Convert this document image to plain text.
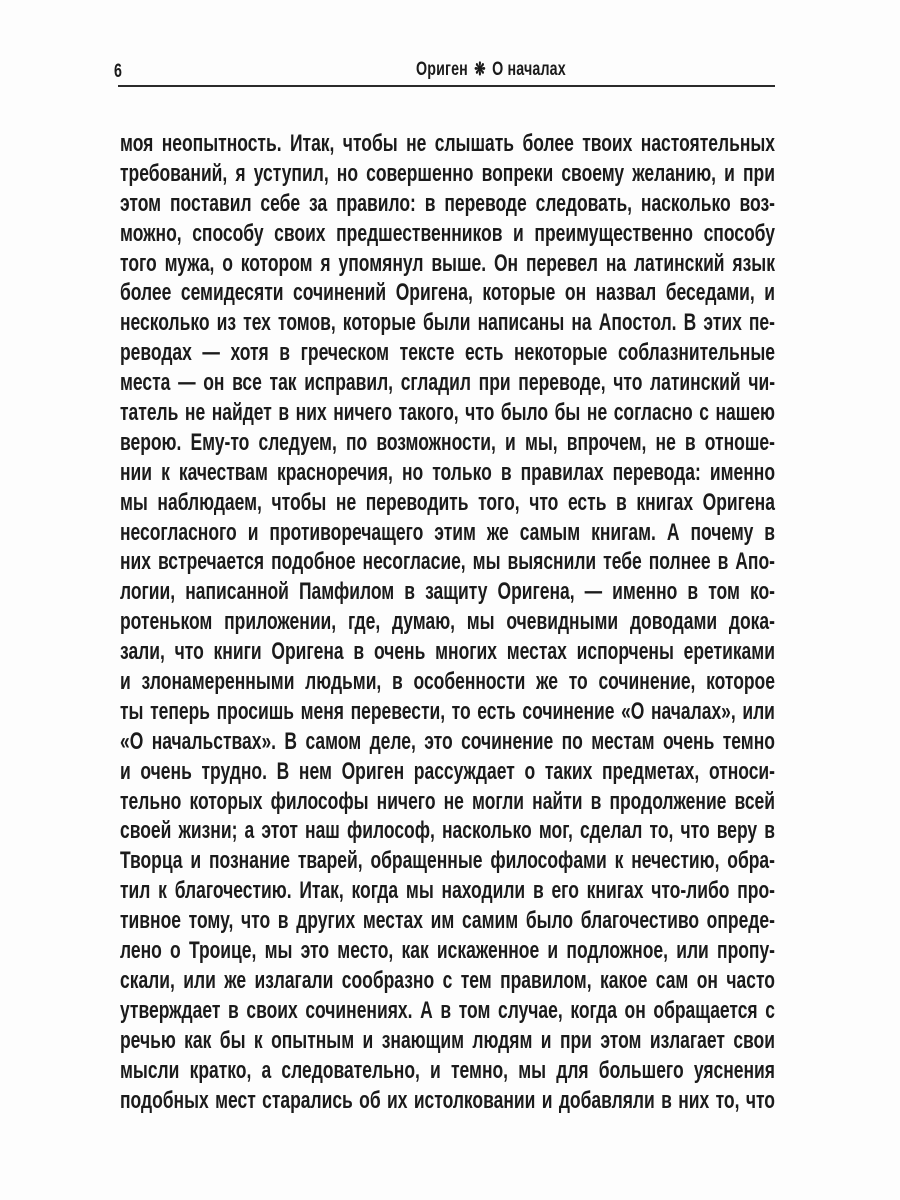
6	Ориген ❋ О началах
моя неопытность. Итак, чтобы не слышать более твоих настоятельных
требований, я уступил, но совершенно вопреки своему желанию, и при
этом поставил себе за правило: в переводе следовать, насколько воз-
можно, способу своих предшественников и преимущественно способу
того мужа, о котором я упомянул выше. Он перевел на латинский язык
более семидесяти сочинений Оригена, которые он назвал беседами, и
несколько из тех томов, которые были написаны на Апостол. В этих пе-
реводах — хотя в греческом тексте есть некоторые соблазнительные
места — он все так исправил, сгладил при переводе, что латинский чи-
татель не найдет в них ничего такого, что было бы не согласно с нашею
верою. Ему-то следуем, по возможности, и мы, впрочем, не в отноше-
нии к качествам красноречия, но только в правилах перевода: именно
мы наблюдаем, чтобы не переводить того, что есть в книгах Оригена
несогласного и противоречащего этим же самым книгам. А почему в
них встречается подобное несогласие, мы выяснили тебе полнее в Апо-
логии, написанной Памфилом в защиту Оригена, — именно в том ко-
ротеньком приложении, где, думаю, мы очевидными доводами дока-
зали, что книги Оригена в очень многих местах испорчены еретиками
и злонамеренными людьми, в особенности же то сочинение, которое
ты теперь просишь меня перевести, то есть сочинение «О началах», или
«О начальствах». В самом деле, это сочинение по местам очень темно
и очень трудно. В нем Ориген рассуждает о таких предметах, относи-
тельно которых философы ничего не могли найти в продолжение всей
своей жизни; а этот наш философ, насколько мог, сделал то, что веру в
Творца и познание тварей, обращенные философами к нечестию, обра-
тил к благочестию. Итак, когда мы находили в его книгах что-либо про-
тивное тому, что в других местах им самим было благочестиво опреде-
лено о Троице, мы это место, как искаженное и подложное, или пропу-
скали, или же излагали сообразно с тем правилом, какое сам он часто
утверждает в своих сочинениях. А в том случае, когда он обращается с
речью как бы к опытным и знающим людям и при этом излагает свои
мысли кратко, а следовательно, и темно, мы для большего уяснения
подобных мест старались об их истолковании и добавляли в них то, что
